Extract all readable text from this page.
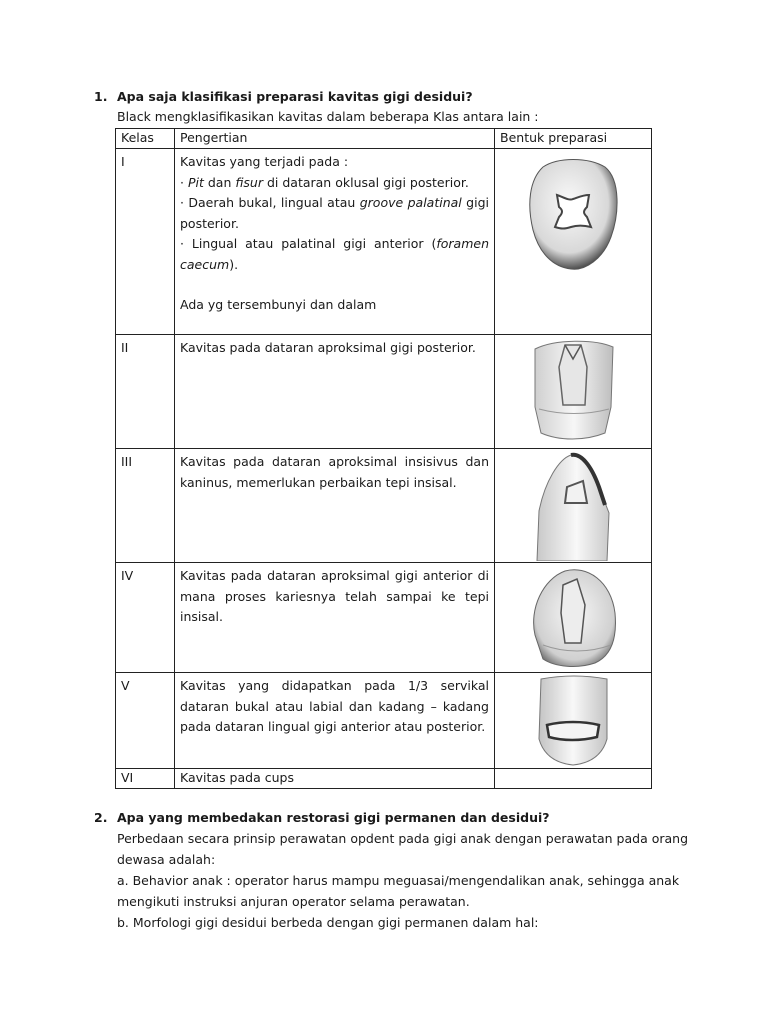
1. Apa saja klasifikasi preparasi kavitas gigi desidui?
Black mengklasifikasikan kavitas dalam beberapa Klas antara lain :
Kelas	Pengertian	Bentuk preparasi
I	Kavitas yang terjadi pada :
· Pit dan fisur di dataran oklusal gigi posterior.
· Daerah bukal, lingual atau groove palatinal gigi posterior.
· Lingual atau palatinal gigi anterior (foramen caecum).
Ada yg tersembunyi dan dalam

II	Kavitas pada dataran aproksimal gigi posterior.	

III	Kavitas pada dataran aproksimal insisivus dan kaninus, memerlukan perbaikan tepi insisal.	

IV	Kavitas pada dataran aproksimal gigi anterior di mana proses kariesnya telah sampai ke tepi insisal.	

V	Kavitas yang didapatkan pada 1/3 servikal dataran bukal atau labial dan kadang – kadang pada dataran lingual gigi anterior atau posterior.	

VI	Kavitas pada cups	
2. Apa yang membedakan restorasi gigi permanen dan desidui?
Perbedaan secara prinsip perawatan opdent pada gigi anak dengan perawatan pada orang
dewasa adalah:
a. Behavior anak : operator harus mampu meguasai/mengendalikan anak, sehingga anak
mengikuti instruksi anjuran operator selama perawatan.
b. Morfologi gigi desidui berbeda dengan gigi permanen dalam hal:
